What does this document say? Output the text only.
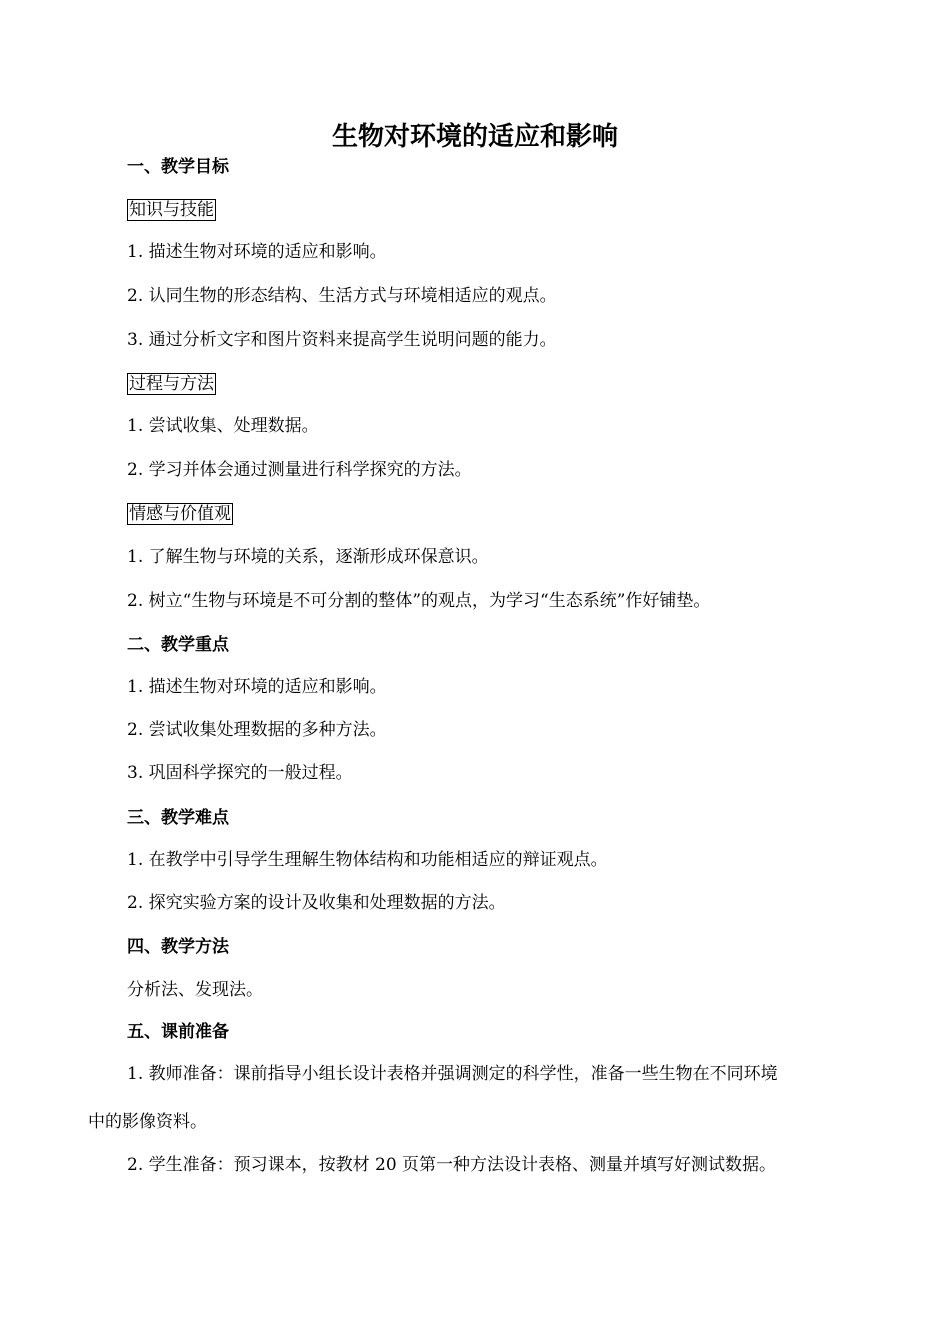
生物对环境的适应和影响
一、教学目标
知识与技能
1. 描述生物对环境的适应和影响。
2. 认同生物的形态结构、生活方式与环境相适应的观点。
3. 通过分析文字和图片资料来提高学生说明问题的能力。
过程与方法
1. 尝试收集、处理数据。
2. 学习并体会通过测量进行科学探究的方法。
情感与价值观
1. 了解生物与环境的关系，逐渐形成环保意识。
2. 树立“生物与环境是不可分割的整体”的观点，为学习“生态系统”作好铺垫。
二、教学重点
1. 描述生物对环境的适应和影响。
2. 尝试收集处理数据的多种方法。
3. 巩固科学探究的一般过程。
三、教学难点
1. 在教学中引导学生理解生物体结构和功能相适应的辩证观点。
2. 探究实验方案的设计及收集和处理数据的方法。
四、教学方法
分析法、发现法。
五、课前准备
1. 教师准备：课前指导小组长设计表格并强调测定的科学性，准备一些生物在不同环境
中的影像资料。
2. 学生准备：预习课本，按教材 20 页第一种方法设计表格、测量并填写好测试数据。
